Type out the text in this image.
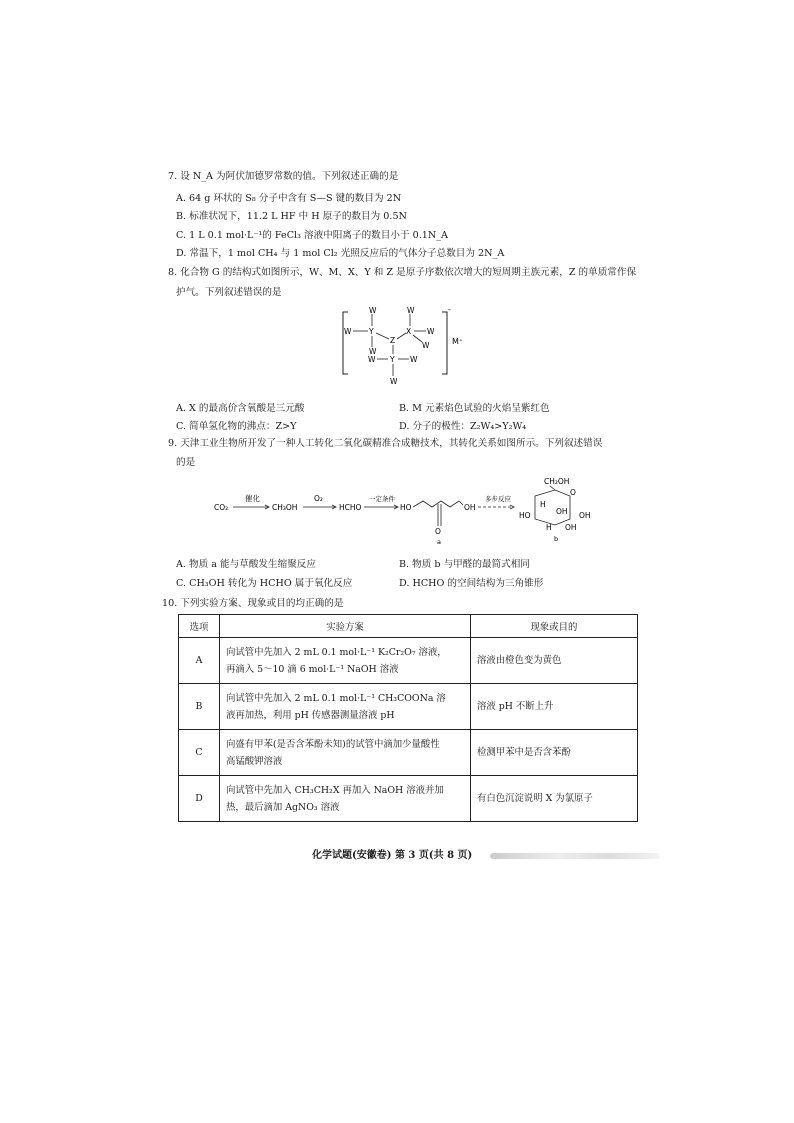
7. 设 N_A 为阿伏加德罗常数的值。下列叙述正确的是
A. 64 g 环状的 S₈ 分子中含有 S—S 键的数目为 2N
B. 标准状况下，11.2 L HF 中 H 原子的数目为 0.5N
C. 1 L 0.1 mol·L⁻¹的 FeCl₃ 溶液中阳离子的数目小于 0.1N_A
D. 常温下，1 mol CH₄ 与 1 mol Cl₂ 光照反应后的气体分子总数目为 2N_A
8. 化合物 G 的结构式如图所示，W、M、X、Y 和 Z 是原子序数依次增大的短周期主族元素，Z 的单质常作保
护气。下列叙述错误的是
-
M⁺
W
W Y
W
Z
W
X W
W
W Y W
W
A. X 的最高价含氧酸是三元酸	B. M 元素焰色试验的火焰呈紫红色
C. 简单氢化物的沸点：Z>Y	D. 分子的极性：Z₂W₄>Y₂W₄
9. 天津工业生物所开发了一种人工转化二氧化碳精准合成糖技术，其转化关系如图所示。下列叙述错误
的是
CO₂
催化
CH₃OH
O₂
HCHO
一定条件
HO
O
OH
a
多步反应
CH₂OH
O
HO	OH
H
OH
H OH
b
A. 物质 a 能与草酸发生缩聚反应	B. 物质 b 与甲醛的最简式相同
C. CH₃OH 转化为 HCHO 属于氧化反应	D. HCHO 的空间结构为三角锥形
10. 下列实验方案、现象或目的均正确的是
选项	实验方案	现象或目的
A	向试管中先加入 2 mL 0.1 mol·L⁻¹ K₂Cr₂O₇ 溶液，
再滴入 5～10 滴 6 mol·L⁻¹ NaOH 溶液	溶液由橙色变为黄色
B	向试管中先加入 2 mL 0.1 mol·L⁻¹ CH₃COONa 溶
液再加热，利用 pH 传感器测量溶液 pH	溶液 pH 不断上升
C	向盛有甲苯(是否含苯酚未知)的试管中滴加少量酸性
高锰酸钾溶液	检测甲苯中是否含苯酚
D	向试管中先加入 CH₃CH₂X 再加入 NaOH 溶液并加
热，最后滴加 AgNO₃ 溶液	有白色沉淀说明 X 为氯原子
化学试题(安徽卷) 第 3 页(共 8 页)
